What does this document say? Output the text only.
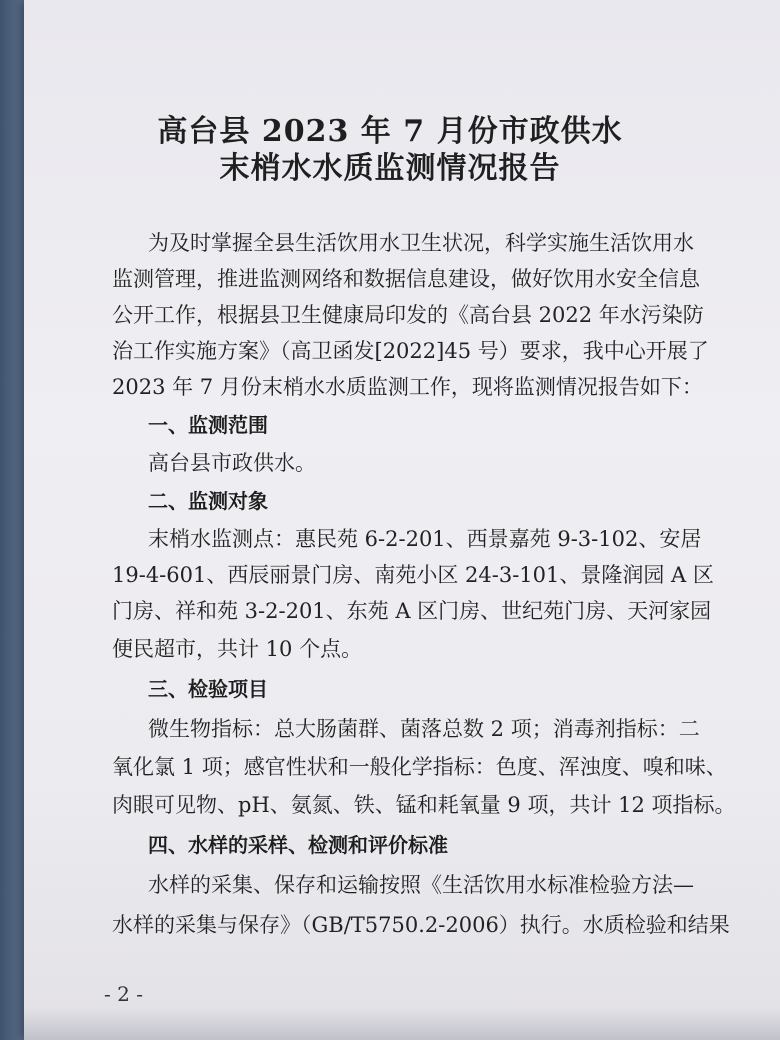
高台县 2023 年 7 月份市政供水
末梢水水质监测情况报告
为及时掌握全县生活饮用水卫生状况，科学实施生活饮用水
监测管理，推进监测网络和数据信息建设，做好饮用水安全信息
公开工作，根据县卫生健康局印发的《高台县 2022 年水污染防
治工作实施方案》（高卫函发[2022]45 号）要求，我中心开展了
2023 年 7 月份末梢水水质监测工作，现将监测情况报告如下：
一、监测范围
高台县市政供水。
二、监测对象
末梢水监测点：惠民苑 6-2-201、西景嘉苑 9-3-102、安居
19-4-601、西辰丽景门房、南苑小区 24-3-101、景隆润园 A 区
门房、祥和苑 3-2-201、东苑 A 区门房、世纪苑门房、天河家园
便民超市，共计 10 个点。
三、检验项目
微生物指标：总大肠菌群、菌落总数 2 项；消毒剂指标：二
氧化氯 1 项；感官性状和一般化学指标：色度、浑浊度、嗅和味、
肉眼可见物、pH、氨氮、铁、锰和耗氧量 9 项，共计 12 项指标。
四、水样的采样、检测和评价标准
水样的采集、保存和运输按照《生活饮用水标准检验方法—
水样的采集与保存》（GB/T5750.2-2006）执行。水质检验和结果
- 2 -
